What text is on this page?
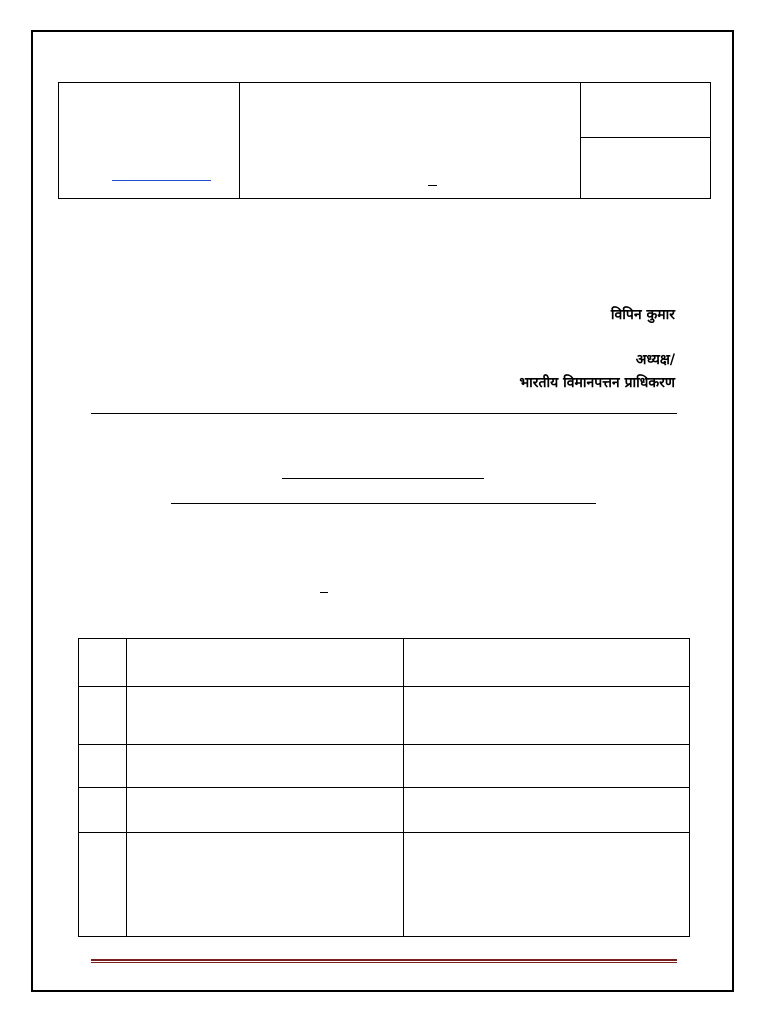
विपिन कुमार
अध्यक्ष/
भारतीय विमानपत्तन प्राधिकरण
